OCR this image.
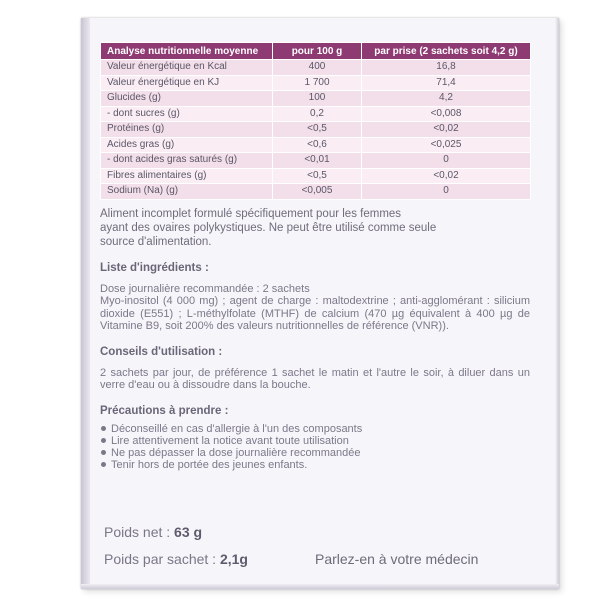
Analyse nutritionnelle moyenne	pour 100 g	par prise (2 sachets soit 4,2 g)
Valeur énergétique en Kcal	400	16,8
Valeur énergétique en KJ	1 700	71,4
Glucides (g)	100	4,2
- dont sucres (g)	0,2	<0,008
Protéines (g)	<0,5	<0,02
Acides gras (g)	<0,6	<0,025
- dont acides gras saturés (g)	<0,01	0
Fibres alimentaires (g)	<0,5	<0,02
Sodium (Na) (g)	<0,005	0
Aliment incomplet formulé spécifiquement pour les femmes
ayant des ovaires polykystiques. Ne peut être utilisé comme seule
source d'alimentation.
Liste d'ingrédients :

Dose journalière recommandée : 2 sachets

Myo-inositol (4 000 mg) ; agent de charge : maltodextrine ; anti-agglomérant : silicium dioxide (E551) ; L-méthylfolate (MTHF) de calcium (470 µg équivalent à 400 µg de Vitamine B9, soit 200% des valeurs nutritionnelles de référence (VNR)).

Conseils d'utilisation :

2 sachets par jour, de préférence 1 sachet le matin et l'autre le soir, à diluer dans un verre d'eau ou à dissoudre dans la bouche.

Précautions à prendre :
Déconseillé en cas d'allergie à l'un des composants
Lire attentivement la notice avant toute utilisation
Ne pas dépasser la dose journalière recommandée
Tenir hors de portée des jeunes enfants.
Poids net : 63 g
Poids par sachet : 2,1g	Parlez-en à votre médecin
